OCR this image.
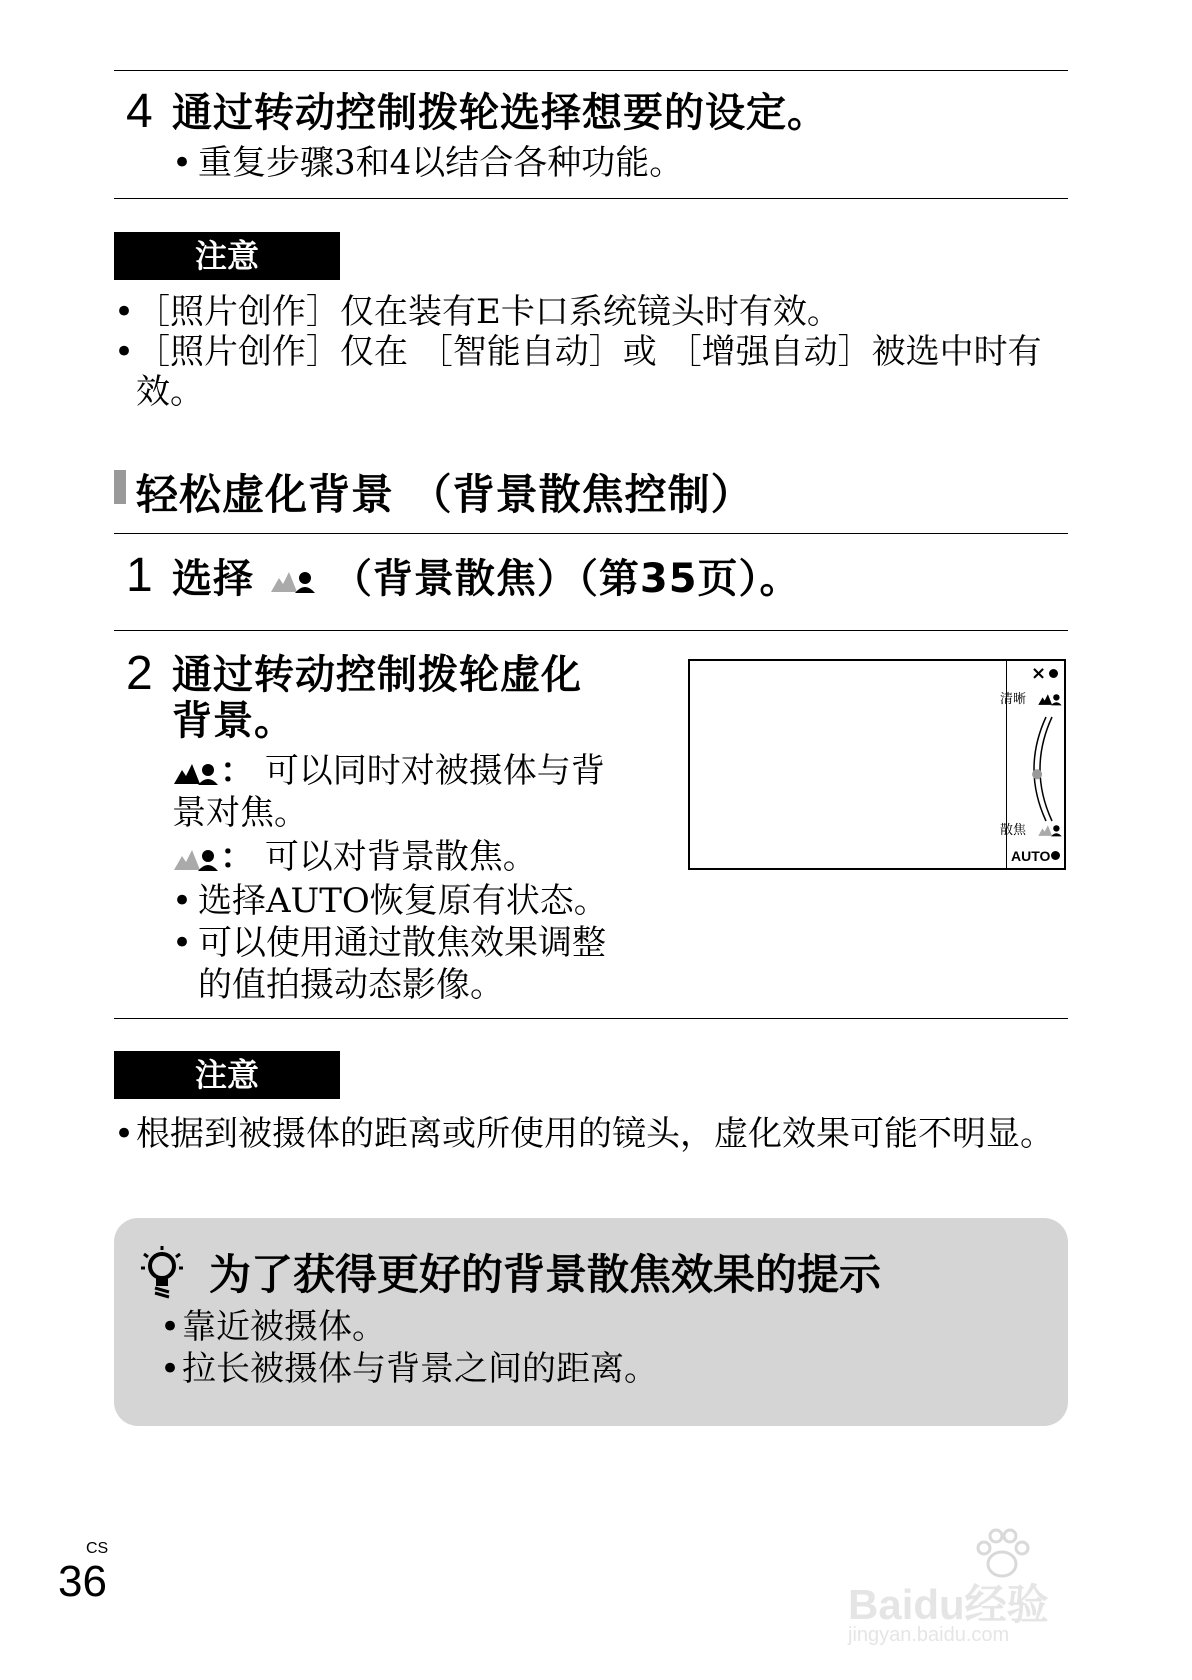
4 通过转动控制拨轮选择想要的设定。
• 重复步骤3和4以结合各种功能。
注意
• ［照片创作］仅在装有E卡口系统镜头时有效。
• ［照片创作］仅在 ［智能自动］或 ［增强自动］被选中时有效。
轻松虚化背景 （背景散焦控制）
1 选择 （背景散焦）（第35页）。
2 通过转动控制拨轮虚化
背景。
： 可以同时对被摄体与背景对焦。
： 可以对背景散焦。
• 选择AUTO恢复原有状态。
• 可以使用通过散焦效果调整的值拍摄动态影像。
×
清晰
散焦
AUTO
注意
• 根据到被摄体的距离或所使用的镜头，虚化效果可能不明显。
为了获得更好的背景散焦效果的提示
• 靠近被摄体。
• 拉长被摄体与背景之间的距离。
CS
36	Baidu经验
jingyan.baidu.com
